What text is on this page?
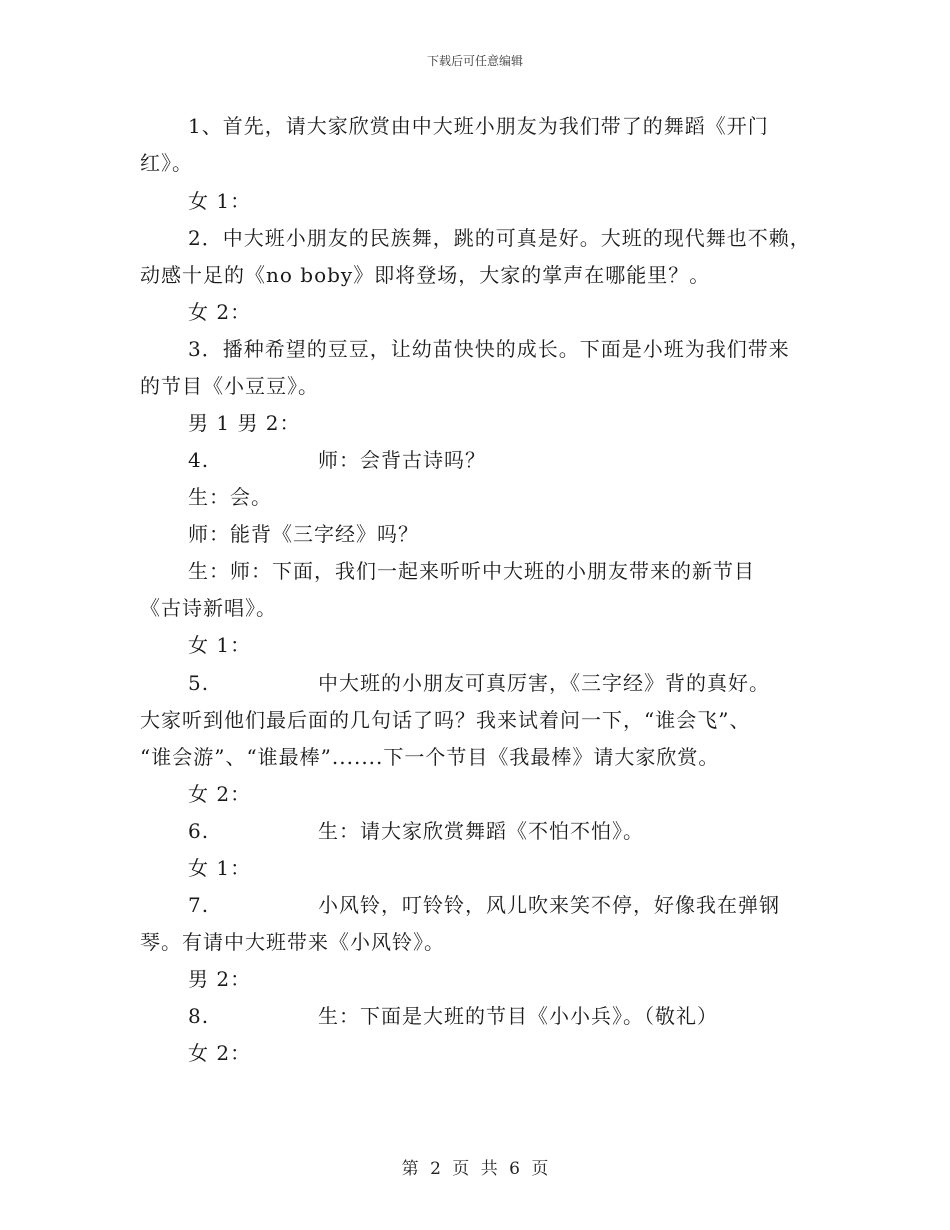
下载后可任意编辑
1、首先，请大家欣赏由中大班小朋友为我们带了的舞蹈《开门
红》。
女 1：
2．中大班小朋友的民族舞，跳的可真是好。大班的现代舞也不赖，
动感十足的《no boby》即将登场，大家的掌声在哪能里？。
女 2：
3．播种希望的豆豆，让幼苗快快的成长。下面是小班为我们带来
的节目《小豆豆》。
男 1 男 2：
4.	师：会背古诗吗？
生：会。
师：能背《三字经》吗？
生：师：下面，我们一起来听听中大班的小朋友带来的新节目
《古诗新唱》。
女 1：
5.	中大班的小朋友可真厉害，《三字经》背的真好。
大家听到他们最后面的几句话了吗？我来试着问一下，“谁会飞”、
“谁会游”、“谁最棒”.......下一个节目《我最棒》请大家欣赏。
女 2：
6.	生：请大家欣赏舞蹈《不怕不怕》。
女 1：
7.	小风铃，叮铃铃，风儿吹来笑不停，好像我在弹钢
琴。有请中大班带来《小风铃》。
男 2：
8.	生：下面是大班的节目《小小兵》。（敬礼）
女 2：
第 2 页 共 6 页
